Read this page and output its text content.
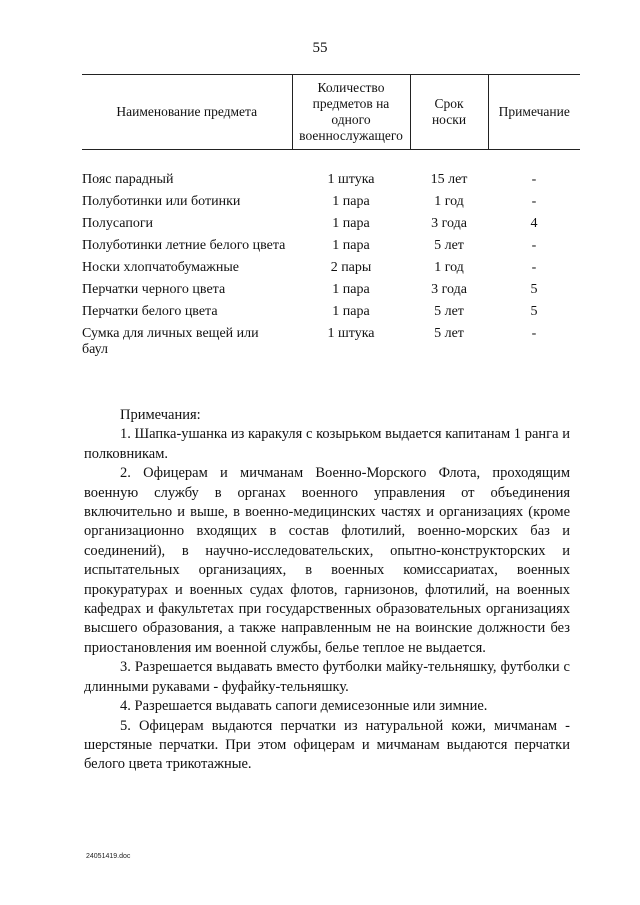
55
Наименование предмета	Количество предметов на одного военнослужащего	Срок носки	Примечание

Пояс парадный	1 штука	15 лет	-
Полуботинки или ботинки	1 пара	1 год	-
Полусапоги	1 пара	3 года	4
Полуботинки летние белого цвета	1 пара	5 лет	-
Носки хлопчатобумажные	2 пары	1 год	-
Перчатки черного цвета	1 пара	3 года	5
Перчатки белого цвета	1 пара	5 лет	5
Сумка для личных вещей или баул	1 штука	5 лет	-

Примечания:

1. Шапка-ушанка из каракуля с козырьком выдается капитанам 1 ранга и полковникам.

2. Офицерам и мичманам Военно-Морского Флота, проходящим военную службу в органах военного управления от объединения включительно и выше, в военно-медицинских частях и организациях (кроме организационно входящих в состав флотилий, военно-морских баз и соединений), в научно-исследовательских, опытно-конструкторских и испытательных организациях, в военных комиссариатах, военных прокуратурах и военных судах флотов, гарнизонов, флотилий, на военных кафедрах и факультетах при государственных образовательных организациях высшего образования, а также направленным не на воинские должности без приостановления им военной службы, белье теплое не выдается.

3. Разрешается выдавать вместо футболки майку-тельняшку, футболки с длинными рукавами - фуфайку-тельняшку.

4. Разрешается выдавать сапоги демисезонные или зимние.

5. Офицерам выдаются перчатки из натуральной кожи, мичманам - шерстяные перчатки. При этом офицерам и мичманам выдаются перчатки белого цвета трикотажные.

24051419.doc
